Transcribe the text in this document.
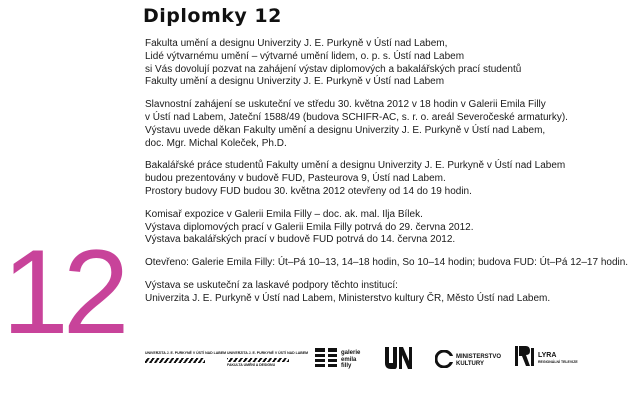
Diplomky 12

Fakulta umění a designu Univerzity J. E. Purkyně v Ústí nad Labem,
Lidé výtvarnému umění – výtvarné umění lidem, o. p. s. Ústí nad Labem
si Vás dovolují pozvat na zahájení výstav diplomových a bakalářských prací studentů
Fakulty umění a designu Univerzity J. E. Purkyně v Ústí nad Labem

Slavnostní zahájení se uskuteční ve středu 30. května 2012 v 18 hodin v Galerii Emila Filly
v Ústí nad Labem, Jateční 1588/49 (budova SCHIFR-AC, s. r. o. areál Severočeské armaturky).
Výstavu uvede děkan Fakulty umění a designu Univerzity J. E. Purkyně v Ústí nad Labem,
doc. Mgr. Michal Koleček, Ph.D.

Bakalářské práce studentů Fakulty umění a designu Univerzity J. E. Purkyně v Ústí nad Labem
budou prezentovány v budově FUD, Pasteurova 9, Ústí nad Labem.
Prostory budovy FUD budou 30. května 2012 otevřeny od 14 do 19 hodin.

Komisař expozice v Galerii Emila Filly – doc. ak. mal. Ilja Bílek.
Výstava diplomových prací v Galerii Emila Filly potrvá do 29. června 2012.
Výstava bakalářských prací v budově FUD potrvá do 14. června 2012.

Otevřeno: Galerie Emila Filly: Út–Pá 10–13, 14–18 hodin, So 10–14 hodin; budova FUD: Út–Pá 12–17 hodin.

Výstava se uskuteční za laskavé podpory těchto institucí:
Univerzita J. E. Purkyně v Ústí nad Labem, Ministerstvo kultury ČR, Město Ústí nad Labem.

12	UNIVERZITA J. E. PURKYNĚ V ÚSTÍ NAD LABEM UNIVERZITA J. E. PURKYNĚ V ÚSTÍ NAD LABEM
FAKULTA UMĚNÍ A DESIGNU
galerie
emila
filly
MINISTERSTVO
KULTURY
LYRA
REGIONÁLNÍ TELEVIZE
